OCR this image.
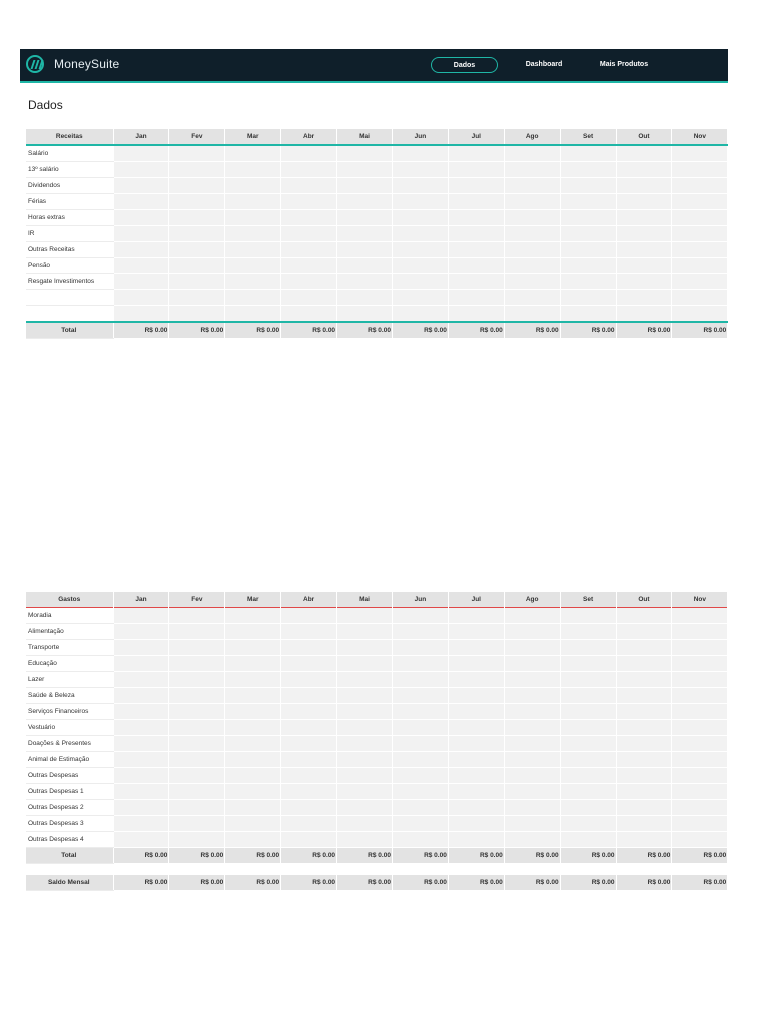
MoneySuite	Dados	Dashboard	Mais Produtos
Dados
Receitas	Jan	Fev	Mar	Abr	Mai	Jun	Jul	Ago	Set	Out	Nov
Salário											
13º salário											
Dividendos											
Férias											
Horas extras											
IR											
Outras Receitas											
Pensão											
Resgate Investimentos											

Total	R$ 0.00	R$ 0.00	R$ 0.00	R$ 0.00	R$ 0.00	R$ 0.00	R$ 0.00	R$ 0.00	R$ 0.00	R$ 0.00	R$ 0.00
Gastos	Jan	Fev	Mar	Abr	Mai	Jun	Jul	Ago	Set	Out	Nov
Moradia											
Alimentação											
Transporte											
Educação											
Lazer											
Saúde & Beleza											
Serviços Financeiros											
Vestuário											
Doações & Presentes											
Animal de Estimação											
Outras Despesas											
Outras Despesas 1											
Outras Despesas 2											
Outras Despesas 3											
Outras Despesas 4											
Total	R$ 0.00	R$ 0.00	R$ 0.00	R$ 0.00	R$ 0.00	R$ 0.00	R$ 0.00	R$ 0.00	R$ 0.00	R$ 0.00	R$ 0.00
Saldo Mensal	R$ 0.00	R$ 0.00	R$ 0.00	R$ 0.00	R$ 0.00	R$ 0.00	R$ 0.00	R$ 0.00	R$ 0.00	R$ 0.00	R$ 0.00
